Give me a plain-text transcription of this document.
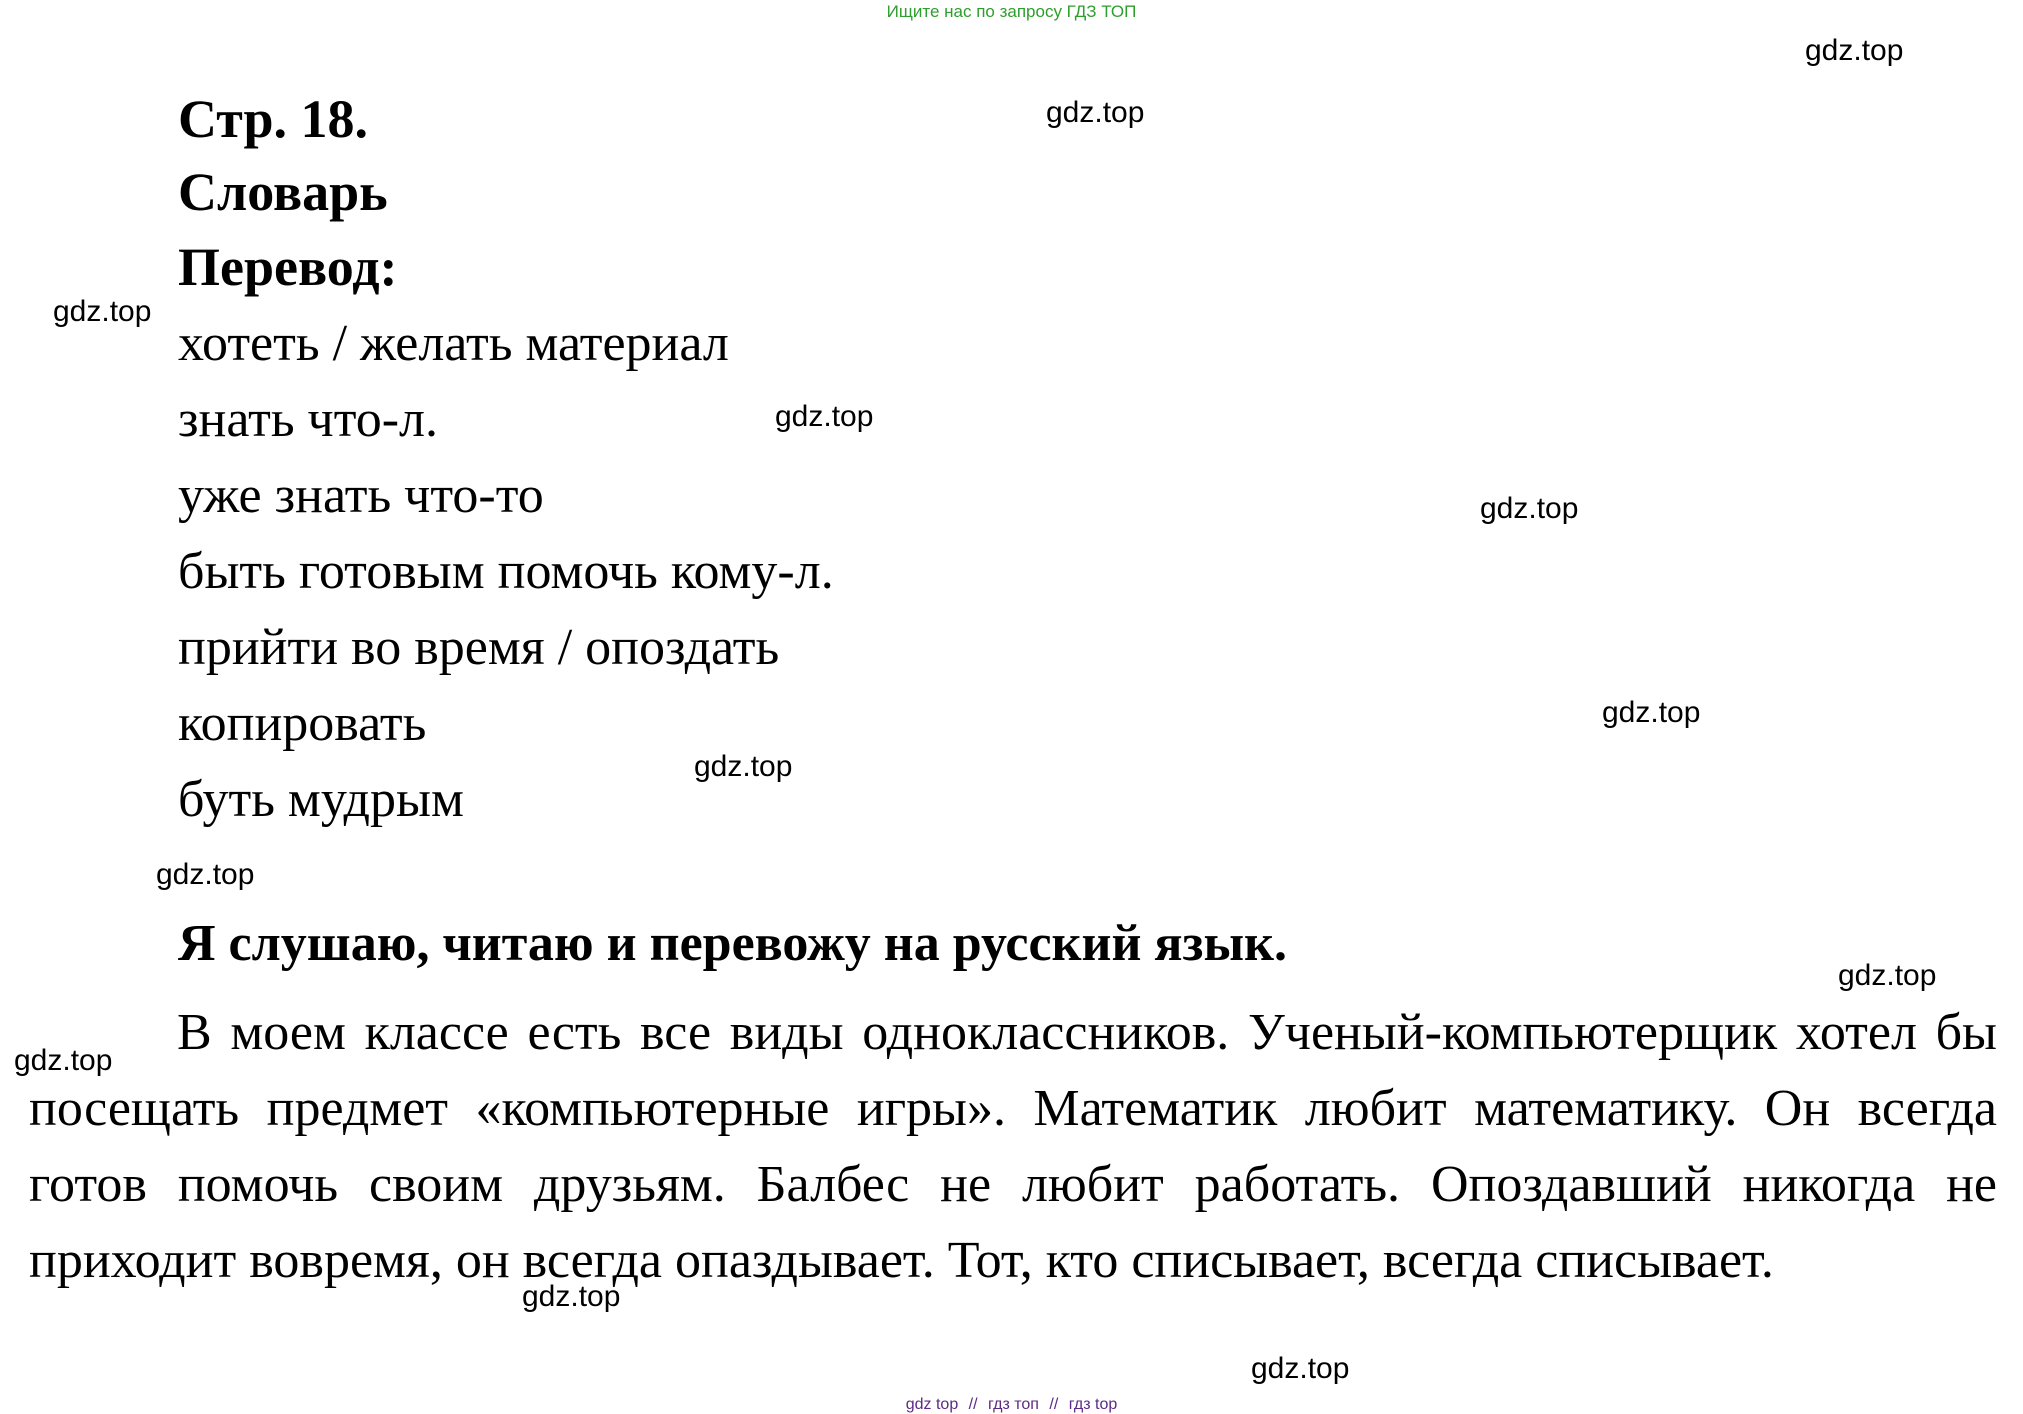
Ищите нас по запросу ГДЗ ТОП
Стр. 18.
Словарь
Перевод:
хотеть / желать материал
знать что-л.
уже знать что-то
быть готовым помочь кому-л.
прийти во время / опоздать
копировать
буть мудрым
Я слушаю, читаю и перевожу на русский язык.

В моем классе есть все виды одноклассников. Ученый-компьютерщик хотел бы посещать предмет «компьютерные игры». Математик любит математику. Он всегда готов помочь своим друзьям. Балбес не любит работать. Опоздавший никогда не приходит вовремя, он всегда опаздывает. Тот, кто списывает, всегда списывает.

gdz.top
gdz.top
gdz.top
gdz.top
gdz.top
gdz.top
gdz.top
gdz.top
gdz.top
gdz.top
gdz.top
gdz.top
gdz top // гдз топ // гдз top
